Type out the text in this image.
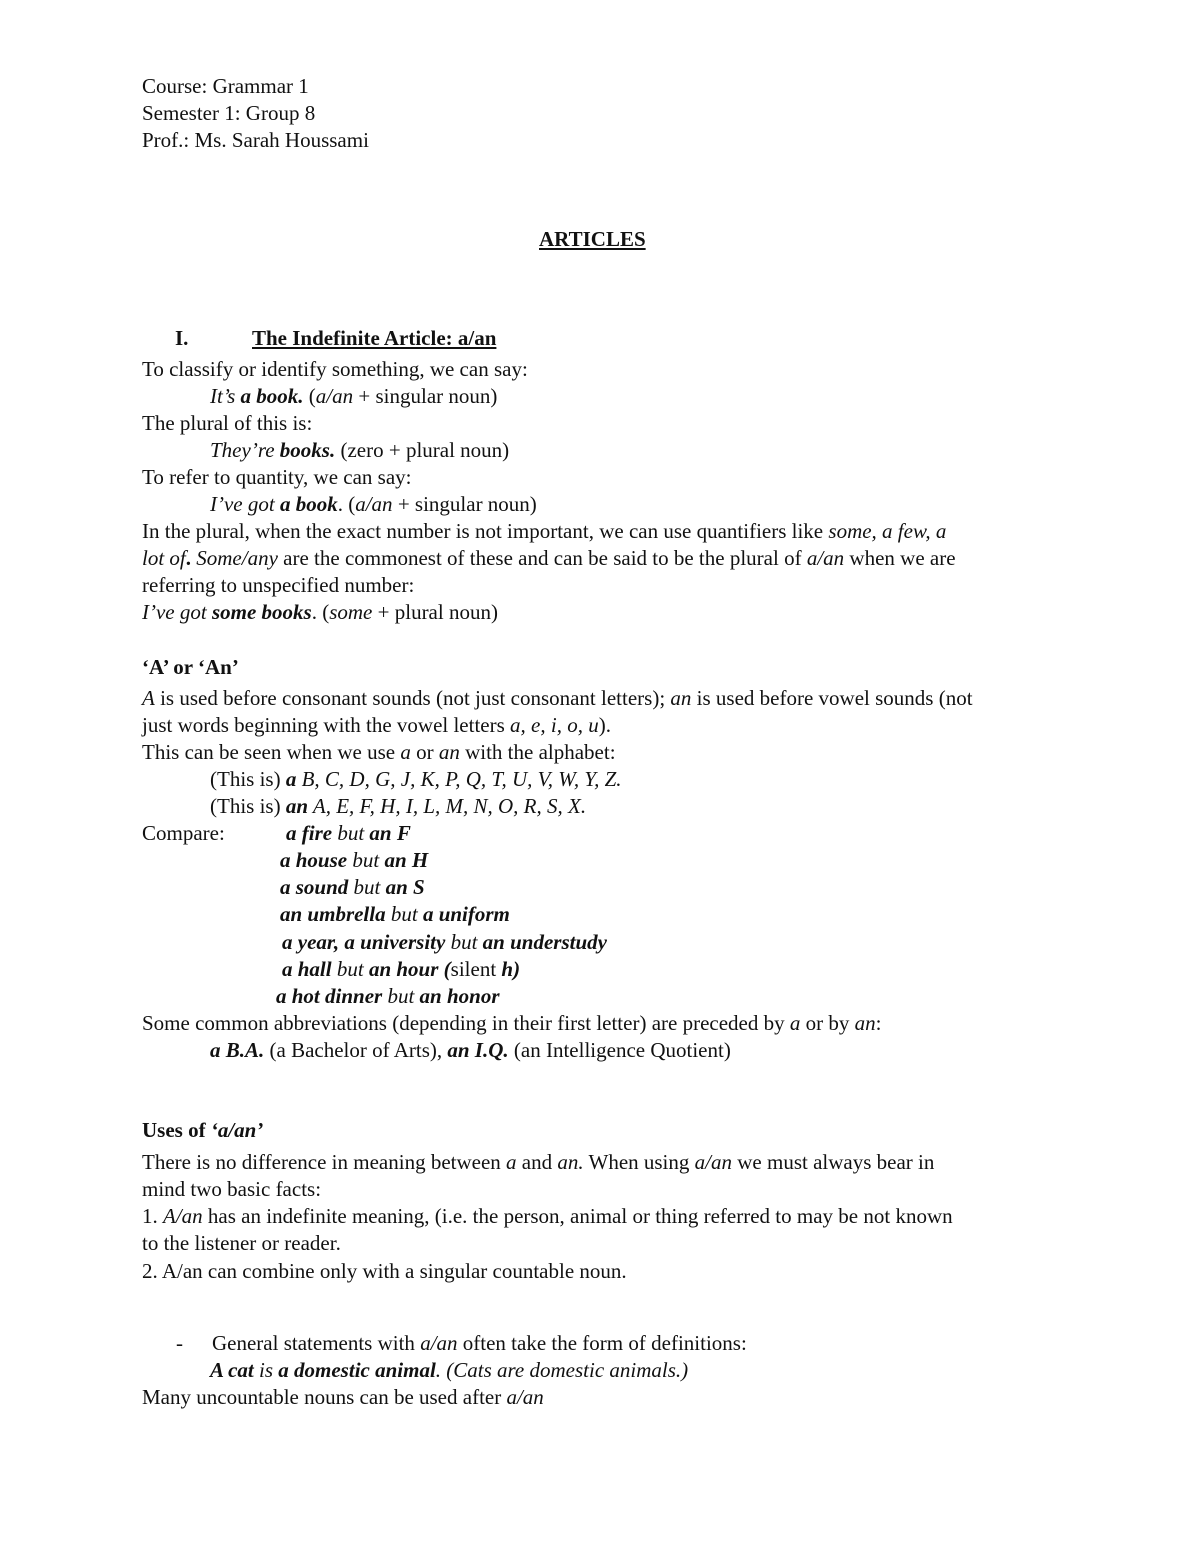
Course: Grammar 1
Semester 1: Group 8
Prof.: Ms. Sarah Houssami
ARTICLES
I.	The Indefinite Article: a/an
To classify or identify something, we can say:
It’s a book. (a/an + singular noun)
The plural of this is:
They’re books. (zero + plural noun)
To refer to quantity, we can say:
I’ve got a book. (a/an + singular noun)
In the plural, when the exact number is not important, we can use quantifiers like some, a few, a
lot of. Some/any are the commonest of these and can be said to be the plural of a/an when we are
referring to unspecified number:
I’ve got some books. (some + plural noun)
‘A’ or ‘An’
A is used before consonant sounds (not just consonant letters); an is used before vowel sounds (not
just words beginning with the vowel letters a, e, i, o, u).
This can be seen when we use a or an with the alphabet:
(This is) a B, C, D, G, J, K, P, Q, T, U, V, W, Y, Z.
(This is) an A, E, F, H, I, L, M, N, O, R, S, X.
Compare:	a fire but an F
a house but an H
a sound but an S
an umbrella but a uniform
a year, a university but an understudy
a hall but an hour (silent h)
a hot dinner but an honor
Some common abbreviations (depending in their first letter) are preceded by a or by an:
a B.A. (a Bachelor of Arts), an I.Q. (an Intelligence Quotient)
Uses of ‘a/an’
There is no difference in meaning between a and an. When using a/an we must always bear in
mind two basic facts:
1. A/an has an indefinite meaning, (i.e. the person, animal or thing referred to may be not known
to the listener or reader.
2. A/an can combine only with a singular countable noun.
- General statements with a/an often take the form of definitions:
A cat is a domestic animal. (Cats are domestic animals.)
Many uncountable nouns can be used after a/an
